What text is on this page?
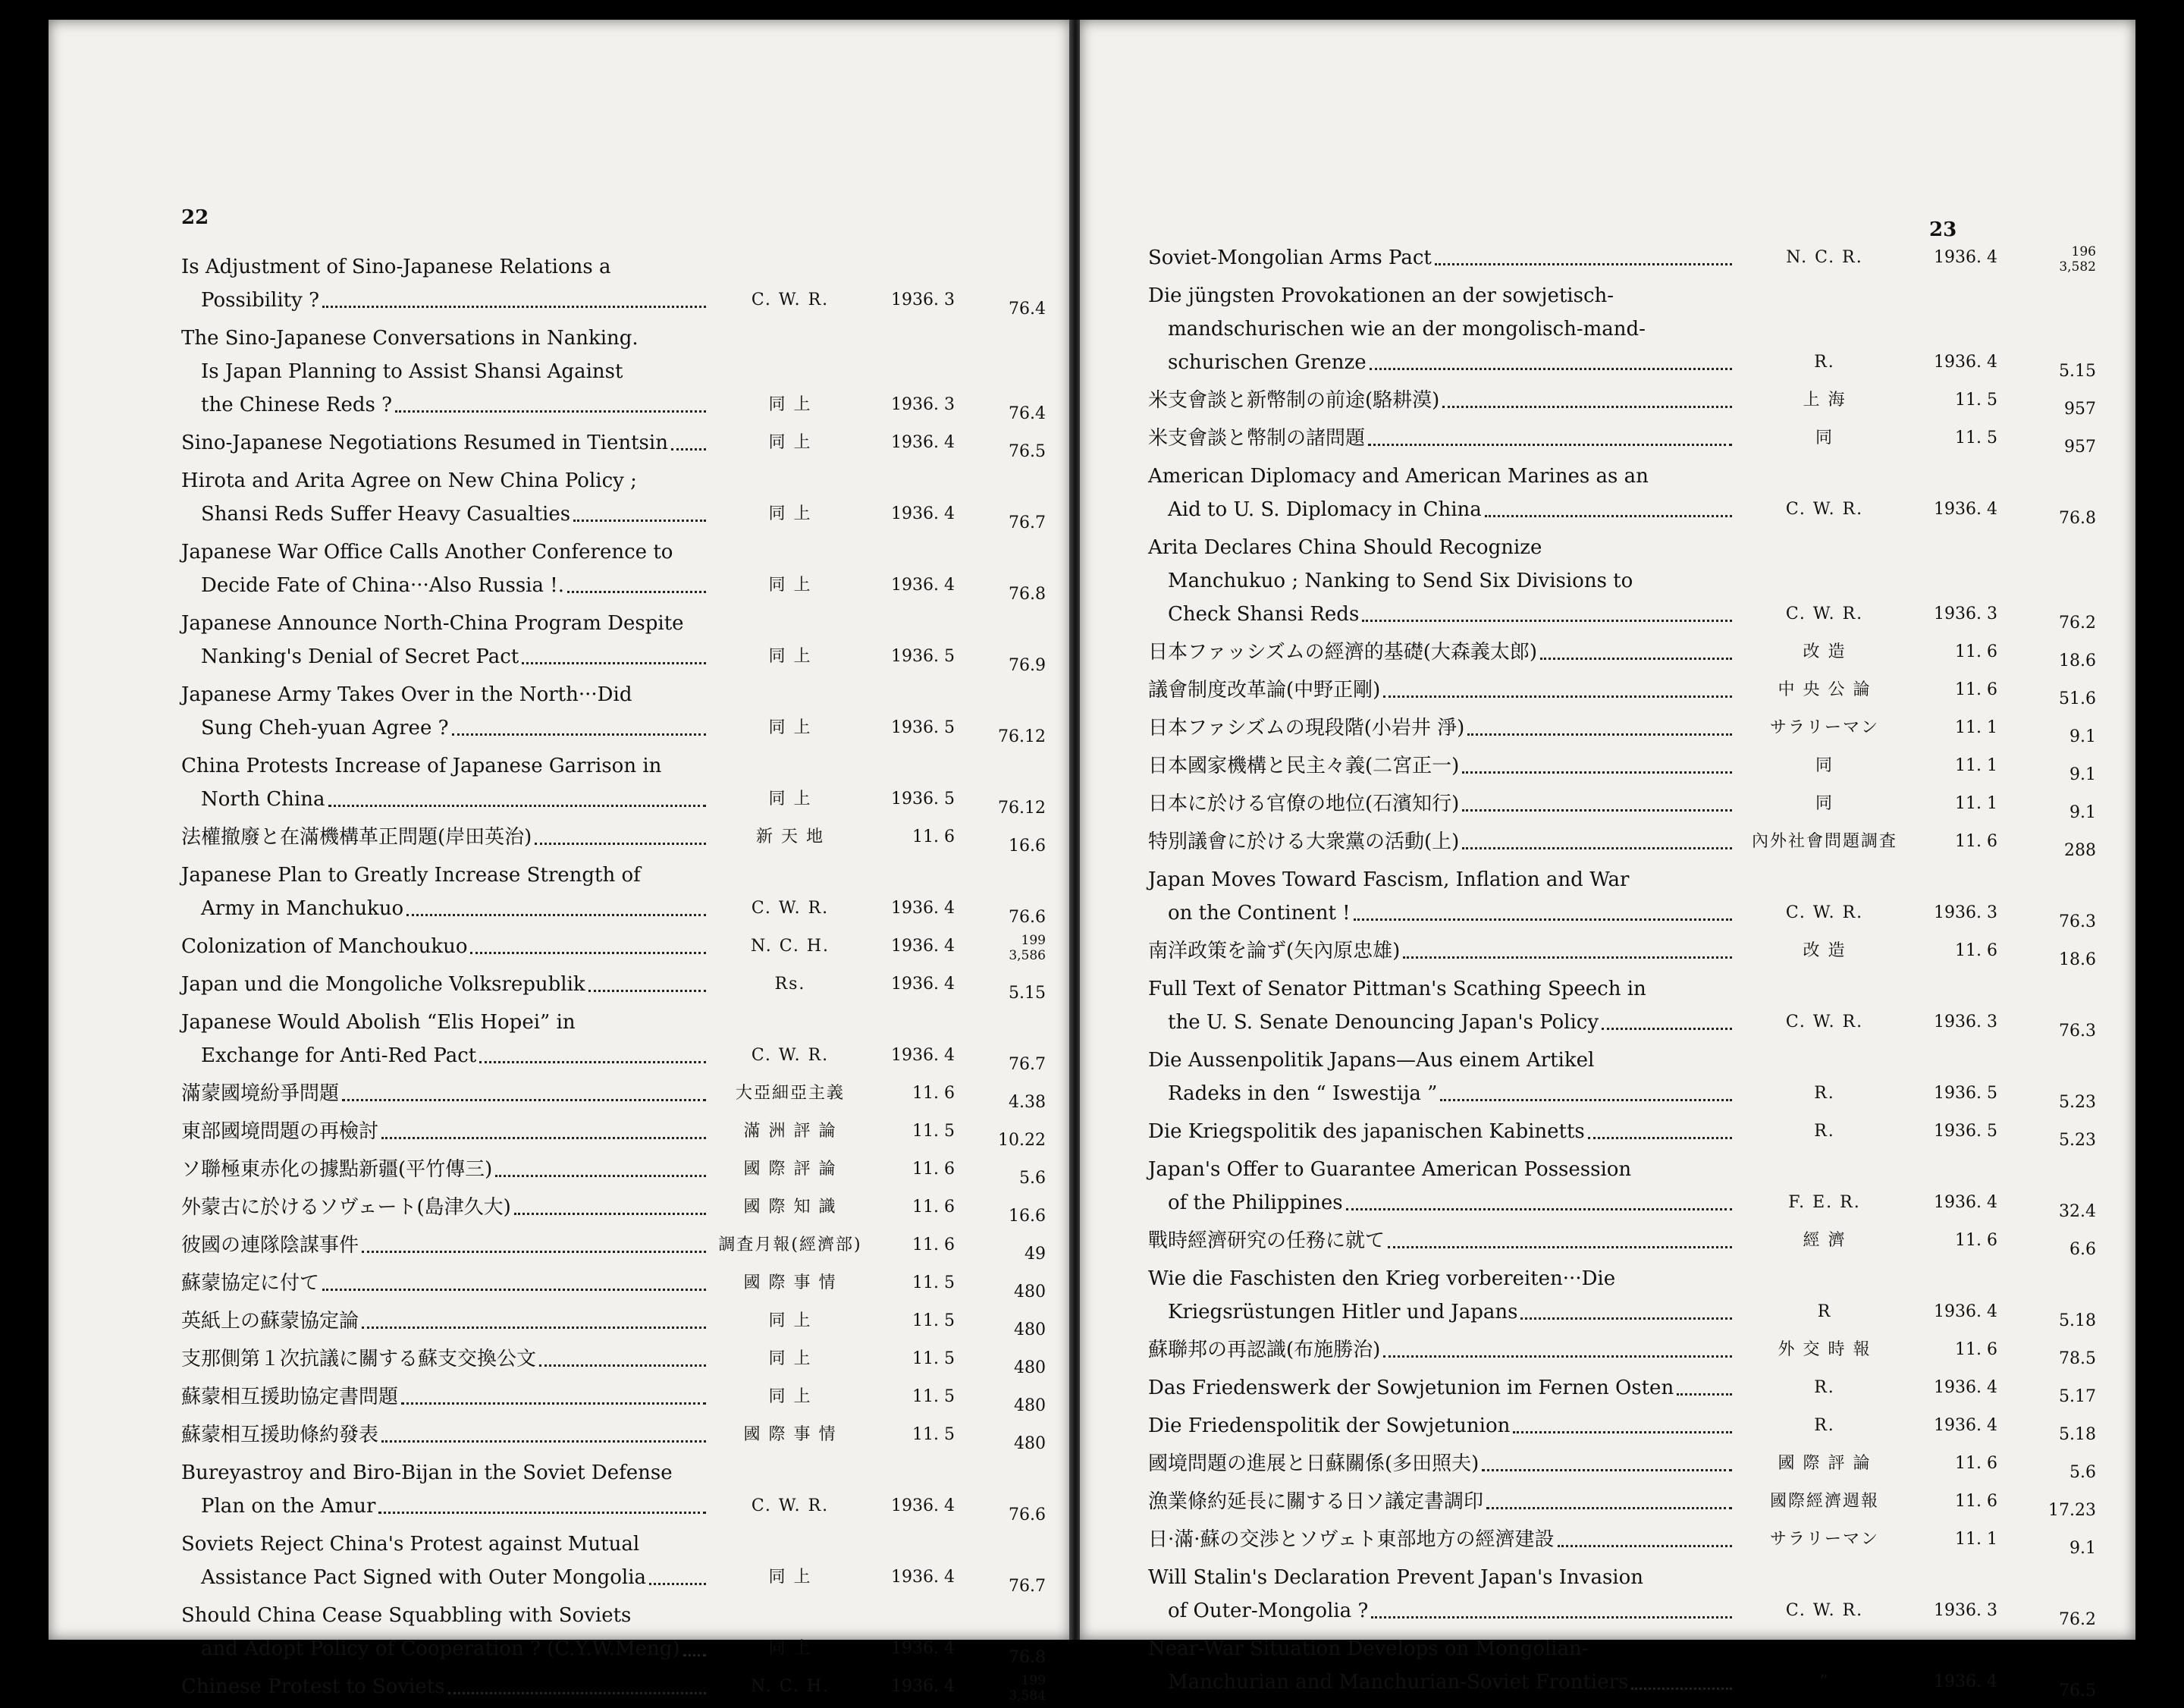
22
Is Adjustment of Sino-Japanese Relations a
Possibility ?	C. W. R.	1936. 3	76.4
The Sino-Japanese Conversations in Nanking.
Is Japan Planning to Assist Shansi Against
the Chinese Reds ?	同 上	1936. 3	76.4
Sino-Japanese Negotiations Resumed in Tientsin	同 上	1936. 4	76.5
Hirota and Arita Agree on New China Policy ;
Shansi Reds Suffer Heavy Casualties	同 上	1936. 4	76.7
Japanese War Office Calls Another Conference to
Decide Fate of China···Also Russia !.	同 上	1936. 4	76.8
Japanese Announce North-China Program Despite
Nanking's Denial of Secret Pact	同 上	1936. 5	76.9
Japanese Army Takes Over in the North···Did
Sung Cheh-yuan Agree ?	同 上	1936. 5	76.12
China Protests Increase of Japanese Garrison in
North China	同 上	1936. 5	76.12
法權撤廢と在滿機構革正問題(岸田英治)	新 天 地	11. 6	16.6
Japanese Plan to Greatly Increase Strength of
Army in Manchukuo	C. W. R.	1936. 4	76.6
Colonization of Manchoukuo	N. C. H.	1936. 4	199
3,586
Japan und die Mongoliche Volksrepublik	Rs.	1936. 4	5.15
Japanese Would Abolish “Elis Hopei” in
Exchange for Anti-Red Pact	C. W. R.	1936. 4	76.7
滿蒙國境紛爭問題	大亞細亞主義	11. 6	4.38
東部國境問題の再檢討	滿 洲 評 論	11. 5	10.22
ソ聯極東赤化の據點新疆(平竹傳三)	國 際 評 論	11. 6	5.6
外蒙古に於けるソヴェート(島津久大)	國 際 知 識	11. 6	16.6
彼國の連隊陰謀事件	調査月報(經濟部)	11. 6	49
蘇蒙協定に付て	國 際 事 情	11. 5	480
英紙上の蘇蒙協定論	同 上	11. 5	480
支那側第１次抗議に關する蘇支交換公文	同 上	11. 5	480
蘇蒙相互援助協定書問題	同 上	11. 5	480
蘇蒙相互援助條約發表	國 際 事 情	11. 5	480
Bureyastroy and Biro-Bijan in the Soviet Defense
Plan on the Amur	C. W. R.	1936. 4	76.6
Soviets Reject China's Protest against Mutual
Assistance Pact Signed with Outer Mongolia	同 上	1936. 4	76.7
Should China Cease Squabbling with Soviets
and Adopt Policy of Cooperation ? (C.Y.W.Meng)	同 上	1936. 4	76.8
Chinese Protest to Soviets	N. C. H.	1936. 4	199
3,584
23
Soviet-Mongolian Arms Pact	N. C. R.	1936. 4	196
3,582
Die jüngsten Provokationen an der sowjetisch-
mandschurischen wie an der mongolisch-mand-
schurischen Grenze	R.	1936. 4	5.15
米支會談と新幣制の前途(駱耕漠)	上 海	11. 5	957
米支會談と幣制の諸問題	同	11. 5	957
American Diplomacy and American Marines as an
Aid to U. S. Diplomacy in China	C. W. R.	1936. 4	76.8
Arita Declares China Should Recognize
Manchukuo ; Nanking to Send Six Divisions to
Check Shansi Reds	C. W. R.	1936. 3	76.2
日本ファッシズムの經濟的基礎(大森義太郎)	改 造	11. 6	18.6
議會制度改革論(中野正剛)	中 央 公 論	11. 6	51.6
日本ファシズムの現段階(小岩井 淨)	サラリーマン	11. 1	9.1
日本國家機構と民主々義(二宮正一)	同	11. 1	9.1
日本に於ける官僚の地位(石濱知行)	同	11. 1	9.1
特別議會に於ける大衆黨の活動(上)	內外社會問題調査	11. 6	288
Japan Moves Toward Fascism, Inflation and War
on the Continent !	C. W. R.	1936. 3	76.3
南洋政策を論ず(矢內原忠雄)	改 造	11. 6	18.6
Full Text of Senator Pittman's Scathing Speech in
the U. S. Senate Denouncing Japan's Policy	C. W. R.	1936. 3	76.3
Die Aussenpolitik Japans—Aus einem Artikel
Radeks in den “ Iswestija ”	R.	1936. 5	5.23
Die Kriegspolitik des japanischen Kabinetts	R.	1936. 5	5.23
Japan's Offer to Guarantee American Possession
of the Philippines	F. E. R.	1936. 4	32.4
戰時經濟研究の任務に就て	經 濟	11. 6	6.6
Wie die Faschisten den Krieg vorbereiten···Die
Kriegsrüstungen Hitler und Japans	R	1936. 4	5.18
蘇聯邦の再認識(布施勝治)	外 交 時 報	11. 6	78.5
Das Friedenswerk der Sowjetunion im Fernen Osten	R.	1936. 4	5.17
Die Friedenspolitik der Sowjetunion	R.	1936. 4	5.18
國境問題の進展と日蘇關係(多田照夫)	國 際 評 論	11. 6	5.6
漁業條約延長に關する日ソ議定書調印	國際經濟週報	11. 6	17.23
日·滿·蘇の交渉とソヴェト東部地方の經濟建設	サラリーマン	11. 1	9.1
Will Stalin's Declaration Prevent Japan's Invasion
of Outer-Mongolia ?	C. W. R.	1936. 3	76.2
Near-War Situation Develops on Mongolian-
Manchurian and Manchurian-Soviet Frontiers	”	1936. 4	76.5
